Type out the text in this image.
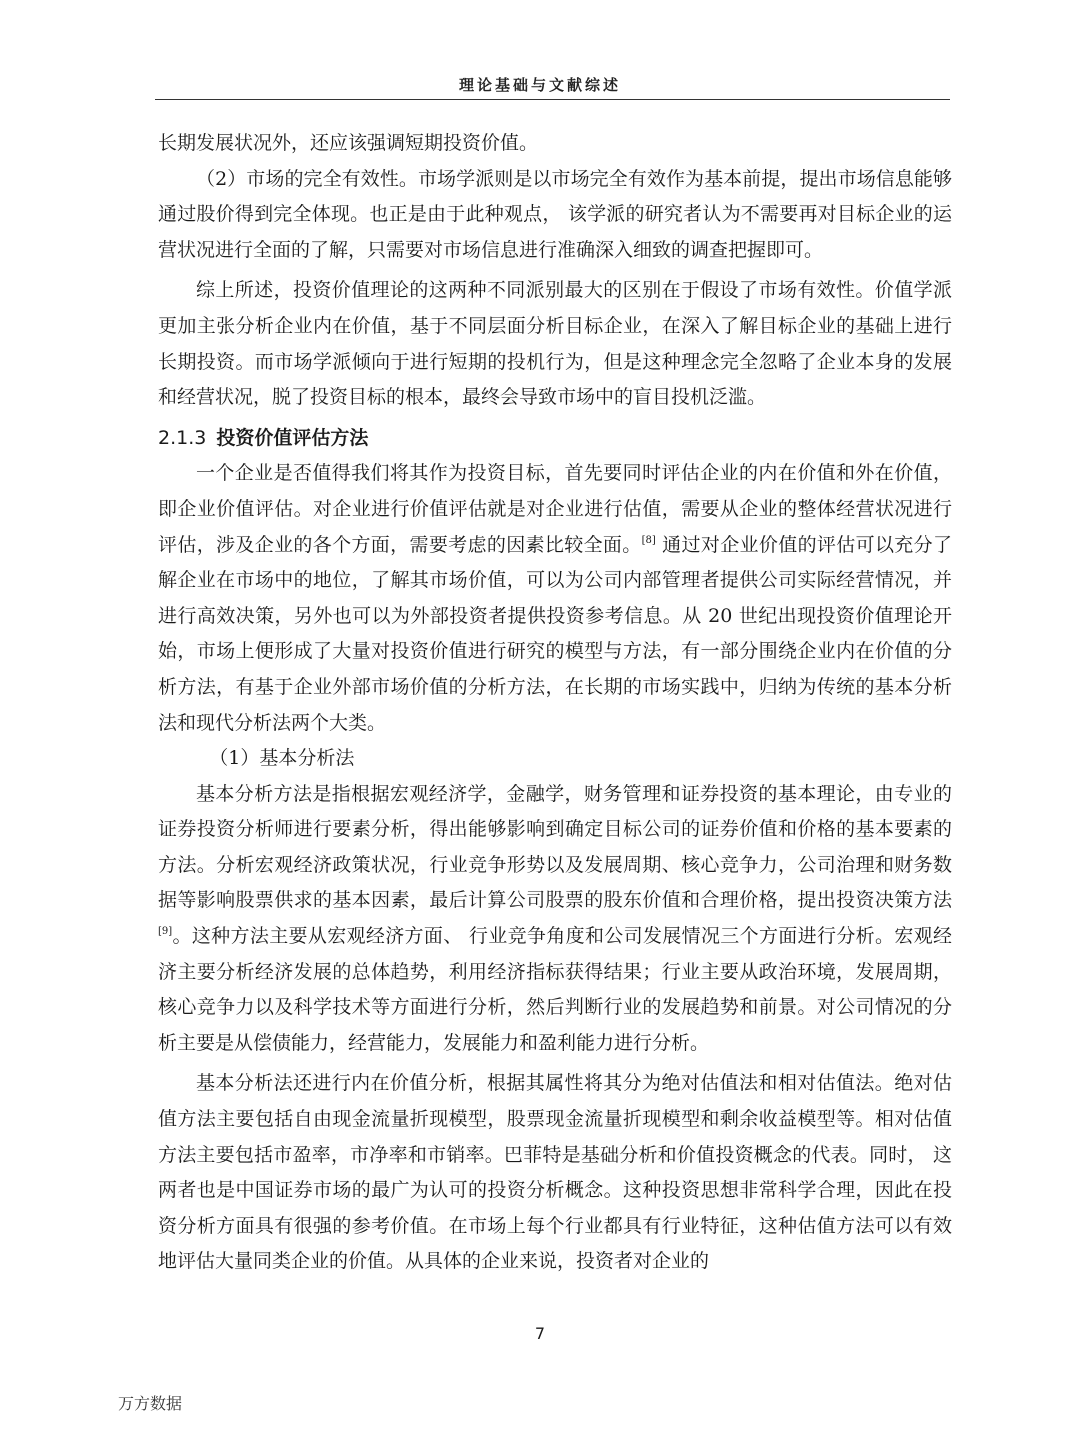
理论基础与文献综述

长期发展状况外，还应该强调短期投资价值。

（2）市场的完全有效性。市场学派则是以市场完全有效作为基本前提，提出市场信息能够通过股价得到完全体现。也正是由于此种观点， 该学派的研究者认为不需要再对目标企业的运营状况进行全面的了解，只需要对市场信息进行准确深入细致的调查把握即可。

综上所述，投资价值理论的这两种不同派别最大的区别在于假设了市场有效性。价值学派更加主张分析企业内在价值，基于不同层面分析目标企业，在深入了解目标企业的基础上进行长期投资。而市场学派倾向于进行短期的投机行为，但是这种理念完全忽略了企业本身的发展和经营状况，脱了投资目标的根本，最终会导致市场中的盲目投机泛滥。

2.1.3 投资价值评估方法

一个企业是否值得我们将其作为投资目标，首先要同时评估企业的内在价值和外在价值，即企业价值评估。对企业进行价值评估就是对企业进行估值，需要从企业的整体经营状况进行评估，涉及企业的各个方面，需要考虑的因素比较全面。[8] 通过对企业价值的评估可以充分了解企业在市场中的地位，了解其市场价值，可以为公司内部管理者提供公司实际经营情况，并进行高效决策，另外也可以为外部投资者提供投资参考信息。从 20 世纪出现投资价值理论开始，市场上便形成了大量对投资价值进行研究的模型与方法，有一部分围绕企业内在价值的分析方法，有基于企业外部市场价值的分析方法，在长期的市场实践中，归纳为传统的基本分析法和现代分析法两个大类。

（1）基本分析法

基本分析方法是指根据宏观经济学，金融学，财务管理和证券投资的基本理论，由专业的证券投资分析师进行要素分析，得出能够影响到确定目标公司的证券价值和价格的基本要素的方法。分析宏观经济政策状况，行业竞争形势以及发展周期、核心竞争力，公司治理和财务数据等影响股票供求的基本因素，最后计算公司股票的股东价值和合理价格，提出投资决策方法[9]。这种方法主要从宏观经济方面、 行业竞争角度和公司发展情况三个方面进行分析。宏观经济主要分析经济发展的总体趋势，利用经济指标获得结果；行业主要从政治环境，发展周期，核心竞争力以及科学技术等方面进行分析，然后判断行业的发展趋势和前景。对公司情况的分析主要是从偿债能力，经营能力，发展能力和盈利能力进行分析。

基本分析法还进行内在价值分析，根据其属性将其分为绝对估值法和相对估值法。绝对估值方法主要包括自由现金流量折现模型，股票现金流量折现模型和剩余收益模型等。相对估值方法主要包括市盈率，市净率和市销率。巴菲特是基础分析和价值投资概念的代表。同时， 这两者也是中国证券市场的最广为认可的投资分析概念。这种投资思想非常科学合理，因此在投资分析方面具有很强的参考价值。在市场上每个行业都具有行业特征，这种估值方法可以有效地评估大量同类企业的价值。从具体的企业来说，投资者对企业的

7
万方数据
